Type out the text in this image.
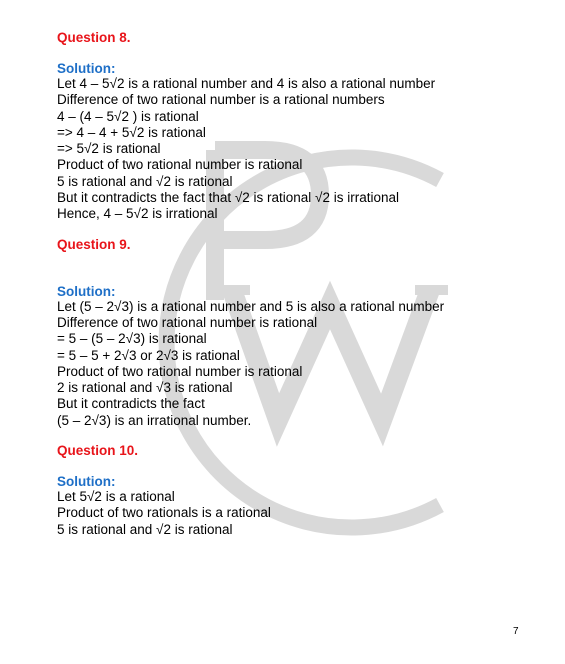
Question 8.

Solution:

Let 4 – 5√2 is a rational number and 4 is also a rational number

Difference of two rational number is a rational numbers

4 – (4 – 5√2 ) is rational

=> 4 – 4 + 5√2 is rational

=> 5√2 is rational

Product of two rational number is rational

5 is rational and √2 is rational

But it contradicts the fact that √2 is rational √2 is irrational

Hence, 4 – 5√2 is irrational

Question 9.

Solution:

Let (5 – 2√3) is a rational number and 5 is also a rational number

Difference of two rational number is rational

= 5 – (5 – 2√3) is rational

= 5 – 5 + 2√3 or 2√3 is rational

Product of two rational number is rational

2 is rational and √3 is rational

But it contradicts the fact

(5 – 2√3) is an irrational number.

Question 10.

Solution:

Let 5√2 is a rational

Product of two rationals is a rational

5 is rational and √2 is rational

7
